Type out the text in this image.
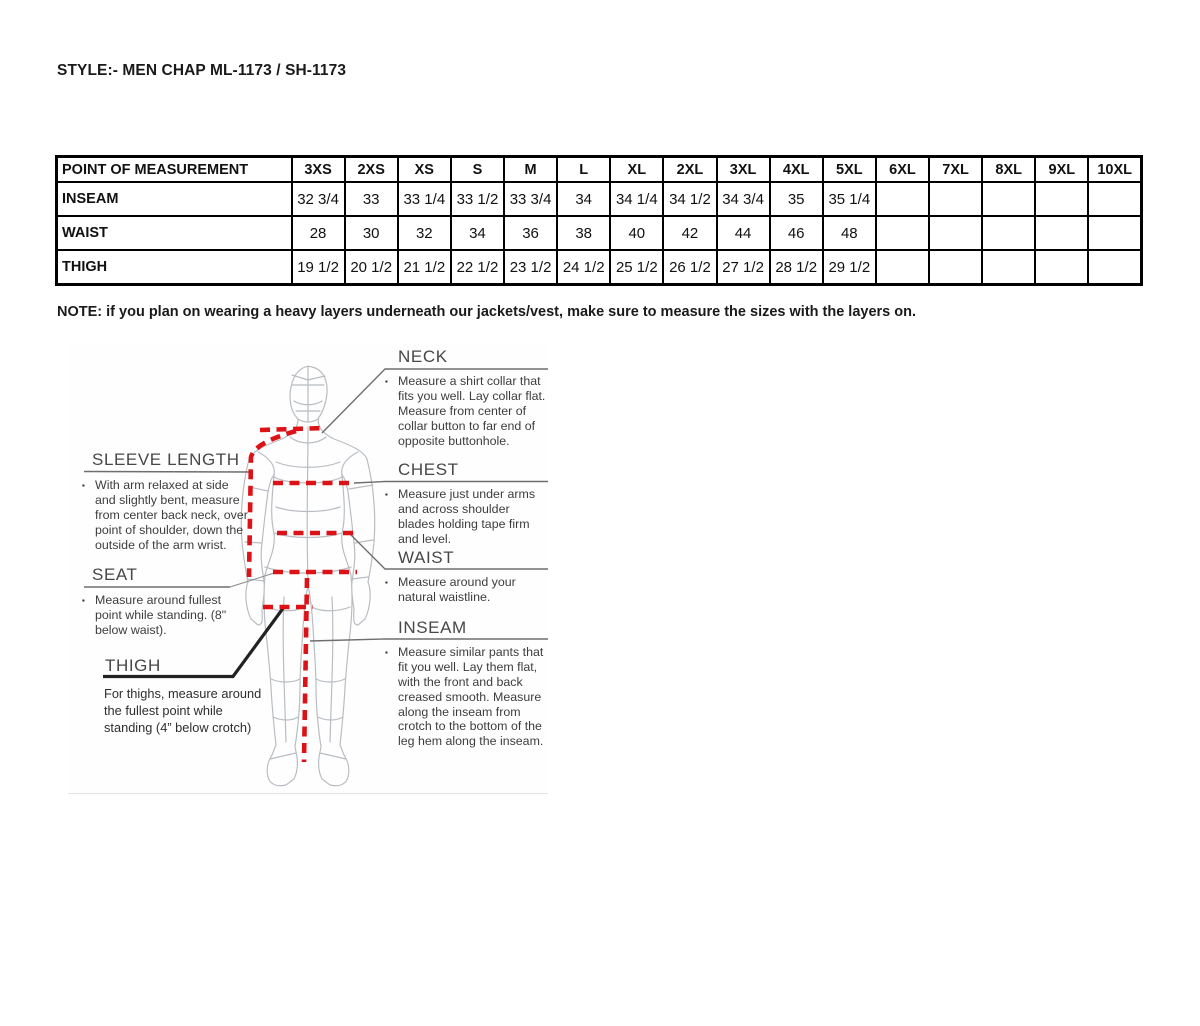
STYLE:- MEN CHAP ML-1173 / SH-1173
POINT OF MEASUREMENT	3XS	2XS	XS	S	M	L	XL	2XL	3XL	4XL	5XL	6XL	7XL	8XL	9XL	10XL
INSEAM	32 3/4	33	33 1/4	33 1/2	33 3/4	34	34 1/4	34 1/2	34 3/4	35	35 1/4					
WAIST	28	30	32	34	36	38	40	42	44	46	48					
THIGH	19 1/2	20 1/2	21 1/2	22 1/2	23 1/2	24 1/2	25 1/2	26 1/2	27 1/2	28 1/2	29 1/2					
NOTE: if you plan on wearing a heavy layers underneath our jackets/vest, make sure to measure the sizes with the layers on.
NECK
▪ Measure a shirt collar that fits you well. Lay collar flat. Measure from center of collar button to far end of opposite buttonhole.
CHEST
▪ Measure just under arms and across shoulder blades holding tape firm and level.
WAIST
▪ Measure around your natural waistline.
INSEAM
▪ Measure similar pants that fit you well. Lay them flat, with the front and back creased smooth. Measure along the inseam from crotch to the bottom of the leg hem along the inseam.
SLEEVE LENGTH
▪ With arm relaxed at side and slightly bent, measure from center back neck, over point of shoulder, down the outside of the arm wrist.
SEAT
▪ Measure around fullest point while standing. (8" below waist).
THIGH
For thighs, measure around the fullest point while standing (4” below crotch)
